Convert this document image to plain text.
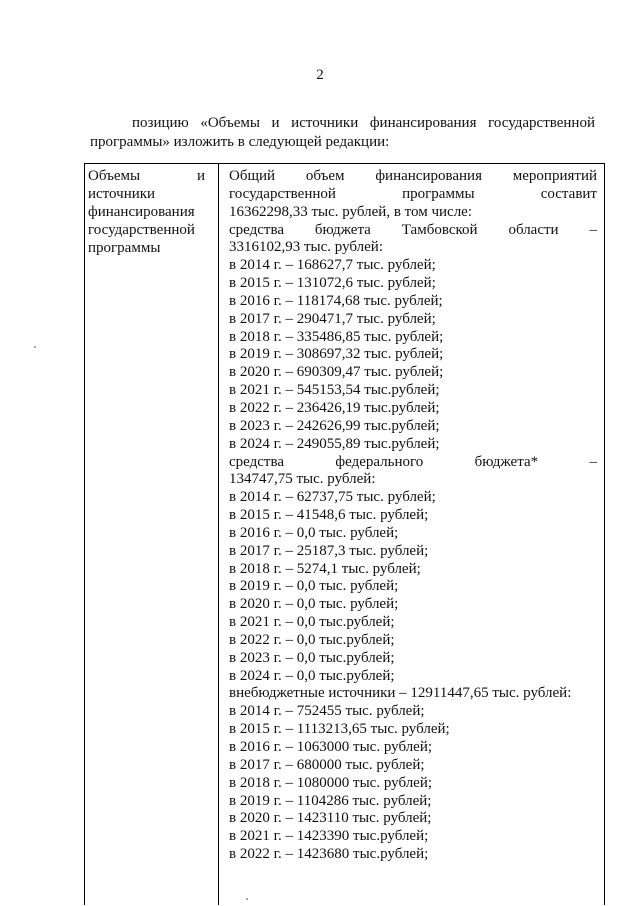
2
позицию «Объемы и источники финансирования государственной
программы» изложить в следующей редакции:
Объемы и
источники
финансирования
государственной
программы
Общий объем финансирования мероприятий
государственной программы составит
16362298,33 тыс. рублей, в том числе:
средства бюджета Тамбовской области –
3316102,93 тыс. рублей:
в 2014 г. – 168627,7 тыс. рублей;
в 2015 г. – 131072,6 тыс. рублей;
в 2016 г. – 118174,68 тыс. рублей;
в 2017 г. – 290471,7 тыс. рублей;
в 2018 г. – 335486,85 тыс. рублей;
в 2019 г. – 308697,32 тыс. рублей;
в 2020 г. – 690309,47 тыс. рублей;
в 2021 г. – 545153,54 тыс.рублей;
в 2022 г. – 236426,19 тыс.рублей;
в 2023 г. – 242626,99 тыс.рублей;
в 2024 г. – 249055,89 тыс.рублей;
средства федерального бюджета* –
134747,75 тыс. рублей:
в 2014 г. – 62737,75 тыс. рублей;
в 2015 г. – 41548,6 тыс. рублей;
в 2016 г. – 0,0 тыс. рублей;
в 2017 г. – 25187,3 тыс. рублей;
в 2018 г. – 5274,1 тыс. рублей;
в 2019 г. – 0,0 тыс. рублей;
в 2020 г. – 0,0 тыс. рублей;
в 2021 г. – 0,0 тыс.рублей;
в 2022 г. – 0,0 тыс.рублей;
в 2023 г. – 0,0 тыс.рублей;
в 2024 г. – 0,0 тыс.рублей;
внебюджетные источники – 12911447,65 тыс. рублей:
в 2014 г. – 752455 тыс. рублей;
в 2015 г. – 1113213,65 тыс. рублей;
в 2016 г. – 1063000 тыс. рублей;
в 2017 г. – 680000 тыс. рублей;
в 2018 г. – 1080000 тыс. рублей;
в 2019 г. – 1104286 тыс. рублей;
в 2020 г. – 1423110 тыс. рублей;
в 2021 г. – 1423390 тыс.рублей;
в 2022 г. – 1423680 тыс.рублей;
